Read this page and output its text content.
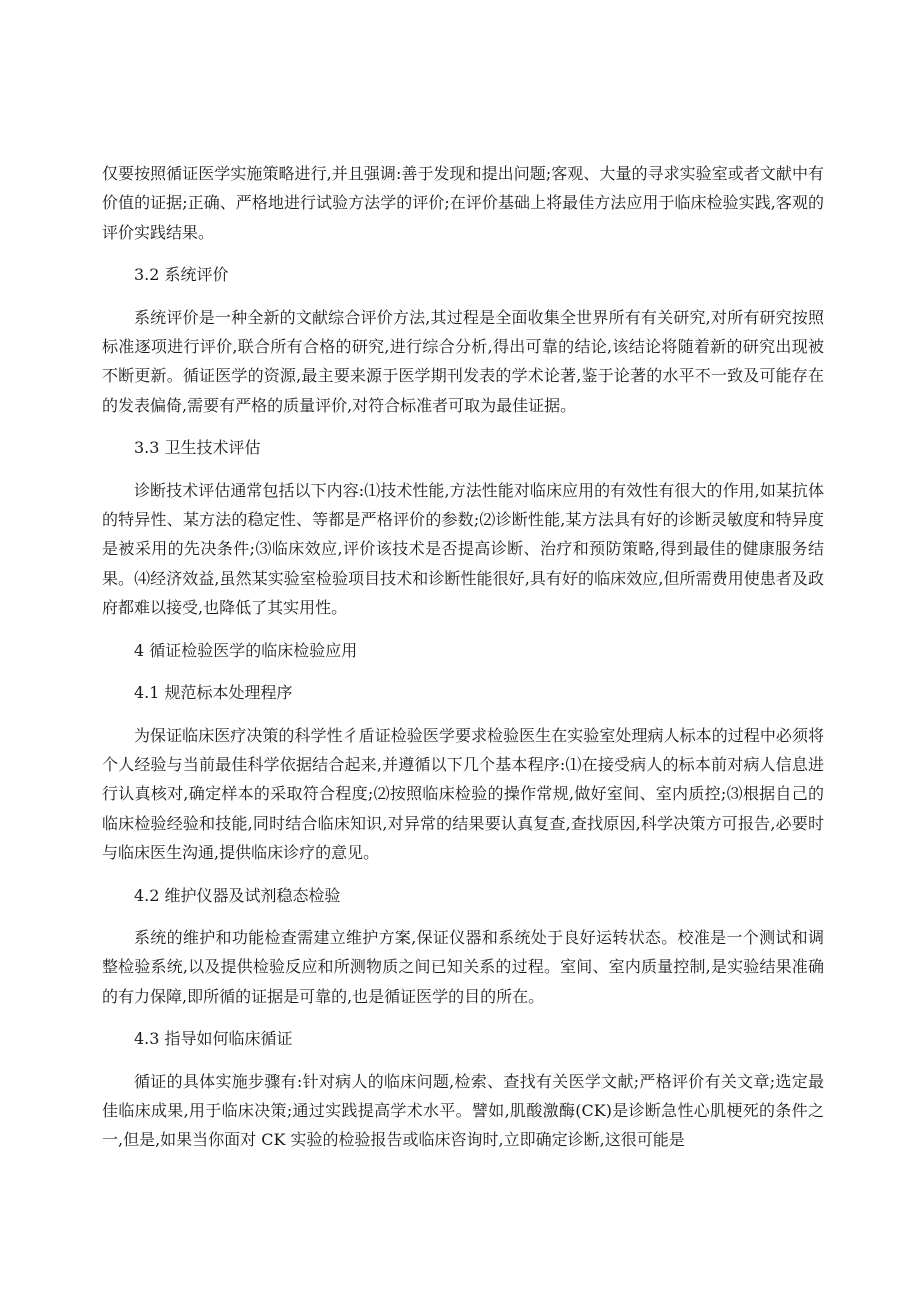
仅要按照循证医学实施策略进行,并且强调:善于发现和提出问题;客观、大量的寻求实验室或者文献中有价值的证据;正确、严格地进行试验方法学的评价;在评价基础上将最佳方法应用于临床检验实践,客观的评价实践结果。

3.2 系统评价

系统评价是一种全新的文献综合评价方法,其过程是全面收集全世界所有有关研究,对所有研究按照标准逐项进行评价,联合所有合格的研究,进行综合分析,得出可靠的结论,该结论将随着新的研究出现被不断更新。循证医学的资源,最主要来源于医学期刊发表的学术论著,鉴于论著的水平不一致及可能存在的发表偏倚,需要有严格的质量评价,对符合标准者可取为最佳证据。

3.3 卫生技术评估

诊断技术评估通常包括以下内容:⑴技术性能,方法性能对临床应用的有效性有很大的作用,如某抗体的特异性、某方法的稳定性、等都是严格评价的参数;⑵诊断性能,某方法具有好的诊断灵敏度和特异度是被采用的先决条件;⑶临床效应,评价该技术是否提高诊断、治疗和预防策略,得到最佳的健康服务结果。⑷经济效益,虽然某实验室检验项目技术和诊断性能很好,具有好的临床效应,但所需费用使患者及政府都难以接受,也降低了其实用性。

4 循证检验医学的临床检验应用

4.1 规范标本处理程序

为保证临床医疗决策的科学性彳盾证检验医学要求检验医生在实验室处理病人标本的过程中必须将个人经验与当前最佳科学依据结合起来,并遵循以下几个基本程序:⑴在接受病人的标本前对病人信息进行认真核对,确定样本的采取符合程度;⑵按照临床检验的操作常规,做好室间、室内质控;⑶根据自己的临床检验经验和技能,同时结合临床知识,对异常的结果要认真复查,查找原因,科学决策方可报告,必要时与临床医生沟通,提供临床诊疗的意见。

4.2 维护仪器及试剂稳态检验

系统的维护和功能检查需建立维护方案,保证仪器和系统处于良好运转状态。校准是一个测试和调整检验系统,以及提供检验反应和所测物质之间已知关系的过程。室间、室内质量控制,是实验结果准确的有力保障,即所循的证据是可靠的,也是循证医学的目的所在。

4.3 指导如何临床循证

循证的具体实施步骤有:针对病人的临床问题,检索、查找有关医学文献;严格评价有关文章;选定最佳临床成果,用于临床决策;通过实践提高学术水平。譬如,肌酸激酶(CK)是诊断急性心肌梗死的条件之一,但是,如果当你面对 CK 实验的检验报告或临床咨询时,立即确定诊断,这很可能是
